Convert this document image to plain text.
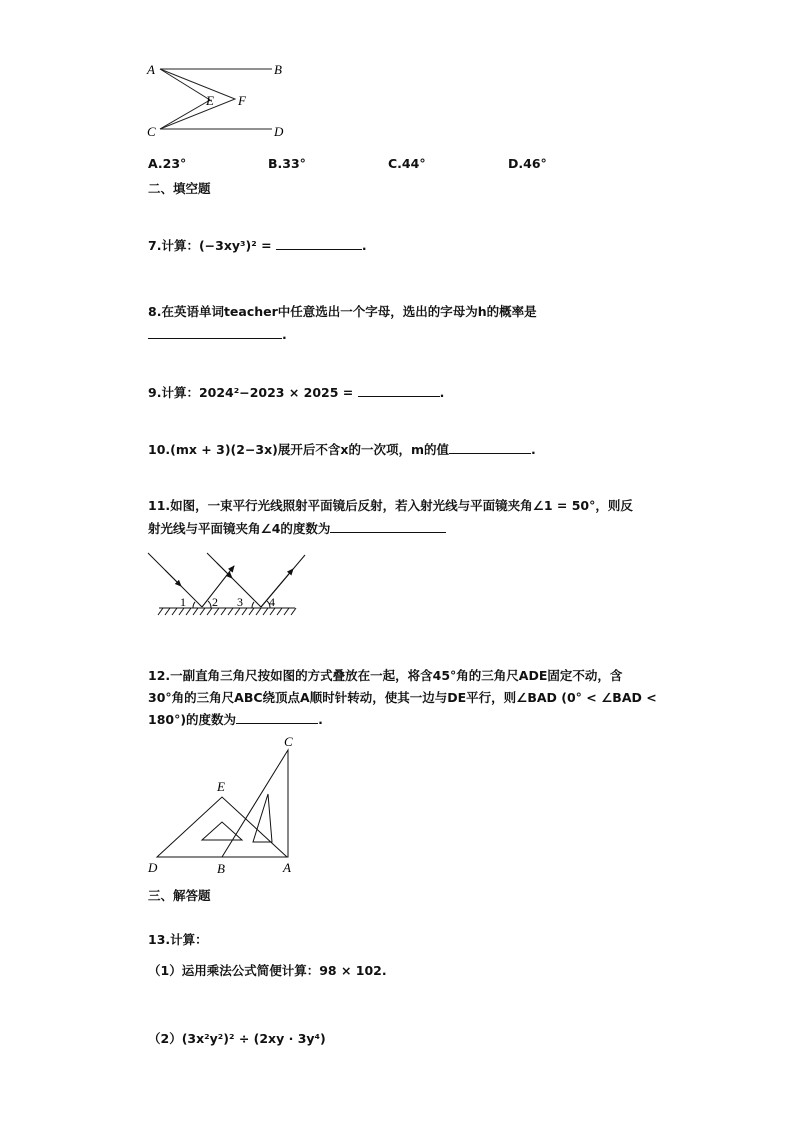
A	B
C	D
E F
A.23°	B.33°	C.44°	D.46°
二、填空题
7.计算：(−3xy³)² =	.
8.在英语单词teacher中任意选出一个字母，选出的字母为h的概率是
.
9.计算：2024²−2023 × 2025 =	.
10.(mx + 3)(2−3x)展开后不含x的一次项，m的值	.
11.如图，一束平行光线照射平面镜后反射，若入射光线与平面镜夹角∠1 = 50°，则反
射光线与平面镜夹角∠4的度数为
1 2 3 4
12.一副直角三角尺按如图的方式叠放在一起，将含45°角的三角尺ADE固定不动，含
30°角的三角尺ABC绕顶点A顺时针转动，使其一边与DE平行，则∠BAD (0° < ∠BAD <
180°)的度数为	.
C
E
D	B	A
三、解答题
13.计算：
（1）运用乘法公式简便计算：98 × 102.
（2）(3x²y²)² ÷ (2xy · 3y⁴)
